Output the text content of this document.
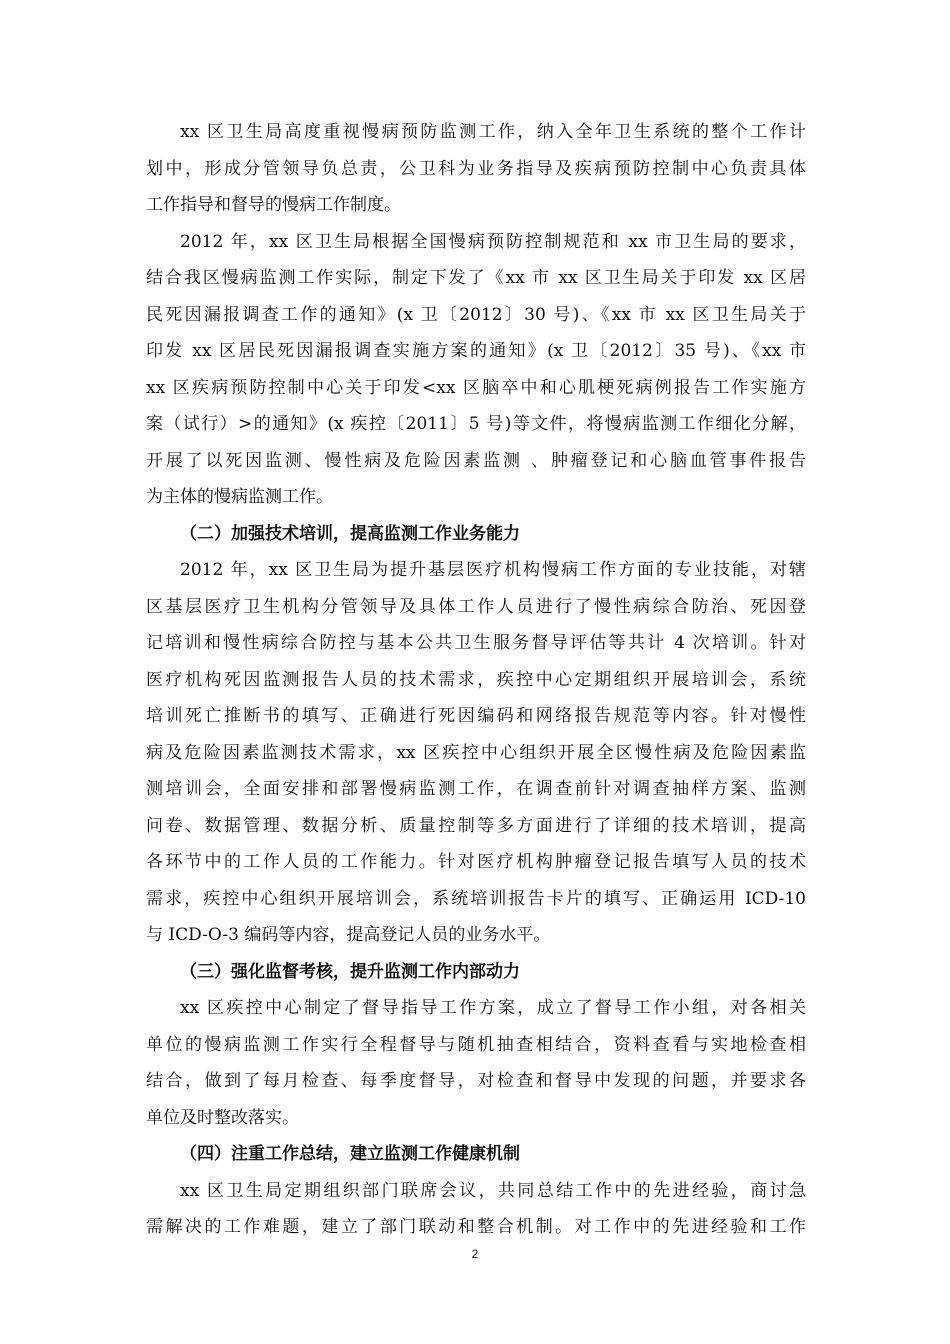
xx 区卫生局高度重视慢病预防监测工作，纳入全年卫生系统的整个工作计
划中，形成分管领导负总责，公卫科为业务指导及疾病预防控制中心负责具体
工作指导和督导的慢病工作制度。
2012 年，xx 区卫生局根据全国慢病预防控制规范和 xx 市卫生局的要求，
结合我区慢病监测工作实际，制定下发了《xx 市 xx 区卫生局关于印发 xx 区居
民死因漏报调查工作的通知》(x 卫〔2012〕30 号)、《xx 市 xx 区卫生局关于
印发 xx 区居民死因漏报调查实施方案的通知》(x 卫〔2012〕35 号)、《xx 市
xx 区疾病预防控制中心关于印发<xx 区脑卒中和心肌梗死病例报告工作实施方
案（试行）>的通知》(x 疾控〔2011〕5 号)等文件，将慢病监测工作细化分解，
开展了以死因监测、慢性病及危险因素监测 、肿瘤登记和心脑血管事件报告
为主体的慢病监测工作。
（二）加强技术培训，提高监测工作业务能力
2012 年，xx 区卫生局为提升基层医疗机构慢病工作方面的专业技能，对辖
区基层医疗卫生机构分管领导及具体工作人员进行了慢性病综合防治、死因登
记培训和慢性病综合防控与基本公共卫生服务督导评估等共计 4 次培训。针对
医疗机构死因监测报告人员的技术需求，疾控中心定期组织开展培训会，系统
培训死亡推断书的填写、正确进行死因编码和网络报告规范等内容。针对慢性
病及危险因素监测技术需求，xx 区疾控中心组织开展全区慢性病及危险因素监
测培训会，全面安排和部署慢病监测工作，在调查前针对调查抽样方案、监测
问卷、数据管理、数据分析、质量控制等多方面进行了详细的技术培训，提高
各环节中的工作人员的工作能力。针对医疗机构肿瘤登记报告填写人员的技术
需求，疾控中心组织开展培训会，系统培训报告卡片的填写、正确运用 ICD-10
与 ICD-O-3 编码等内容，提高登记人员的业务水平。
（三）强化监督考核，提升监测工作内部动力
xx 区疾控中心制定了督导指导工作方案，成立了督导工作小组，对各相关
单位的慢病监测工作实行全程督导与随机抽查相结合，资料查看与实地检查相
结合，做到了每月检查、每季度督导，对检查和督导中发现的问题，并要求各
单位及时整改落实。
（四）注重工作总结，建立监测工作健康机制
xx 区卫生局定期组织部门联席会议，共同总结工作中的先进经验，商讨急
需解决的工作难题，建立了部门联动和整合机制。对工作中的先进经验和工作
2
